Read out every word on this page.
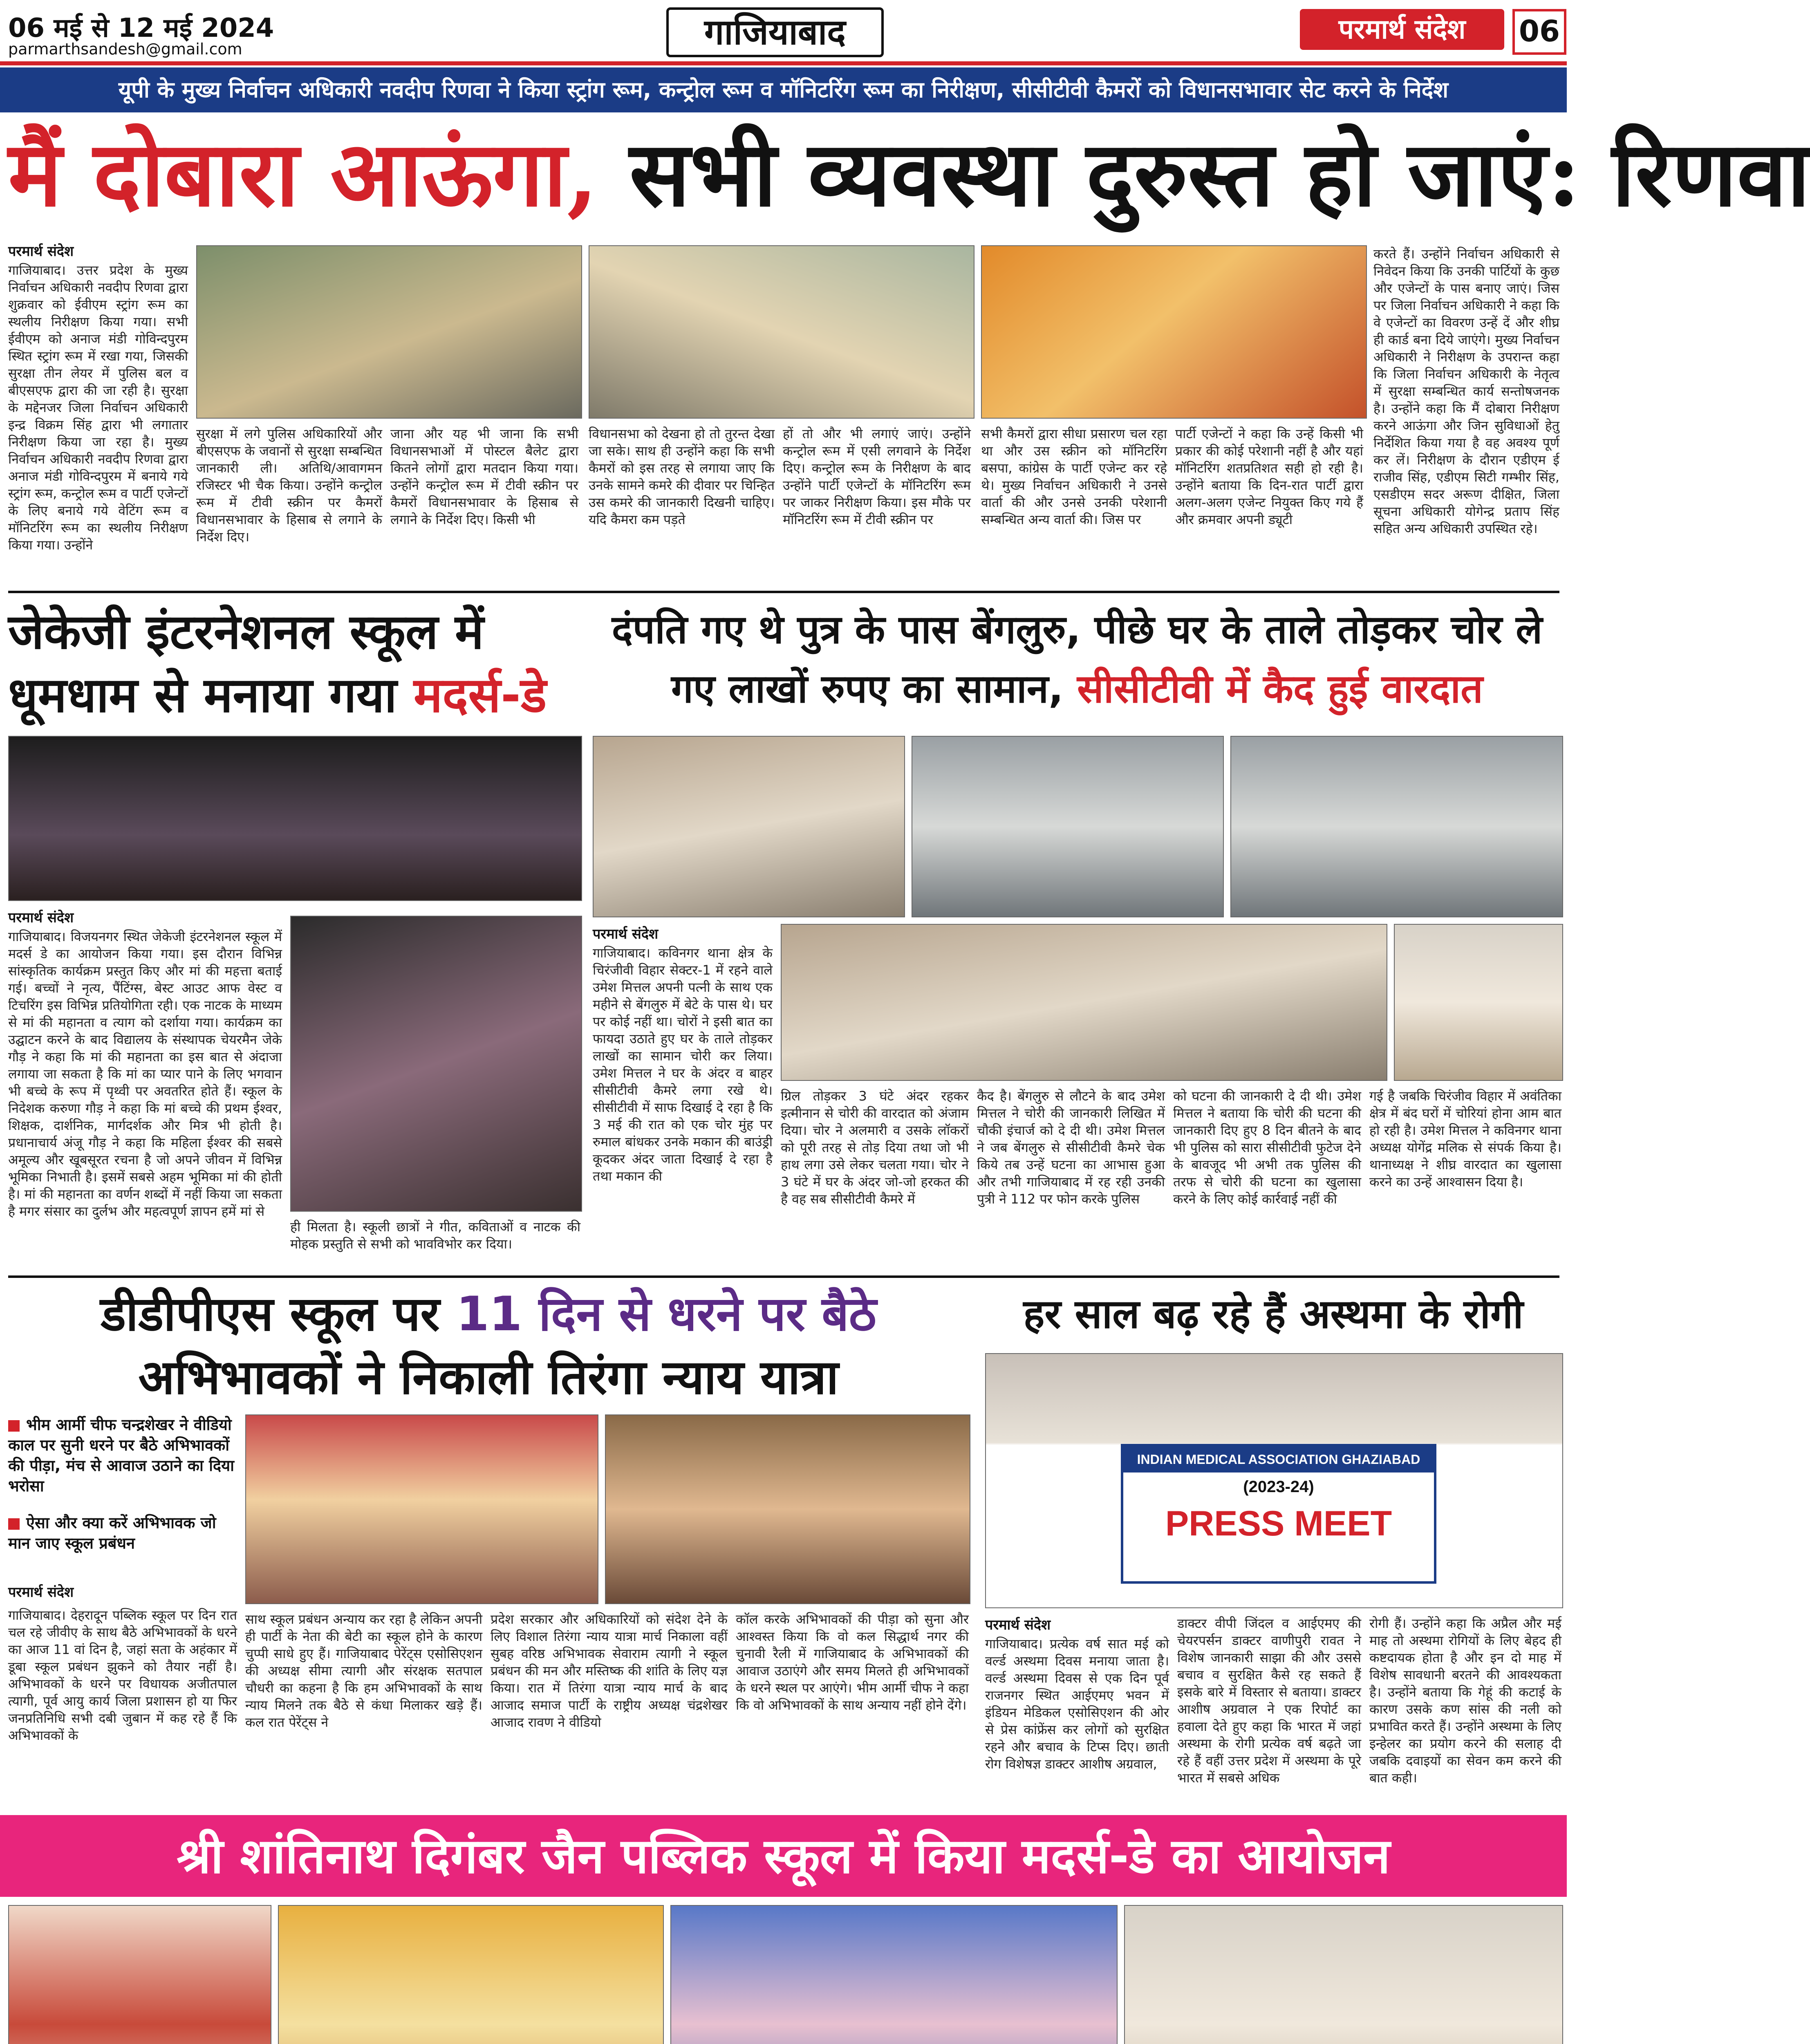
06 मई से 12 मई 2024
parmarthsandesh@gmail.com	गाजियाबाद	परमार्थ संदेश	06
यूपी के मुख्य निर्वाचन अधिकारी नवदीप रिणवा ने किया स्ट्रांग रूम, कन्ट्रोल रूम व मॉनिटरिंग रूम का निरीक्षण, सीसीटीवी कैमरों को विधानसभावार सेट करने के निर्देश
मैं दोबारा आऊंगा, सभी व्यवस्था दुरुस्त हो जाएं: रिणवा
परमार्थ संदेश
गाजियाबाद। उत्तर प्रदेश के मुख्य निर्वाचन अधिकारी नवदीप रिणवा द्वारा शुक्रवार को ईवीएम स्ट्रांग रूम का स्थलीय निरीक्षण किया गया। सभी ईवीएम को अनाज मंडी गोविन्दपुरम स्थित स्ट्रांग रूम में रखा गया, जिसकी सुरक्षा तीन लेयर में पुलिस बल व बीएसएफ द्वारा की जा रही है। सुरक्षा के मद्देनजर जिला निर्वाचन अधिकारी इन्द्र विक्रम सिंह द्वारा भी लगातार निरीक्षण किया जा रहा है। मुख्य निर्वाचन अधिकारी नवदीप रिणवा द्वारा अनाज मंडी गोविन्दपुरम में बनाये गये स्ट्रांग रूम, कन्ट्रोल रूम व पार्टी एजेन्टों के लिए बनाये गये वेटिंग रूम व मॉनिटरिंग रूम का स्थलीय निरीक्षण किया गया। उन्होंने
सुरक्षा में लगे पुलिस अधिकारियों और बीएसएफ के जवानों से सुरक्षा सम्बन्धित जानकारी ली। अतिथि/आवागमन रजिस्टर भी चैक किया। उन्होंने कन्ट्रोल रूम में टीवी स्क्रीन पर कैमरों विधानसभावार के हिसाब से लगाने के निर्देश दिए।
जाना और यह भी जाना कि सभी विधानसभाओं में पोस्टल बैलेट द्वारा कितने लोगों द्वारा मतदान किया गया। उन्होंने कन्ट्रोल रूम में टीवी स्क्रीन पर कैमरों विधानसभावार के हिसाब से लगाने के निर्देश दिए। किसी भी
विधानसभा को देखना हो तो तुरन्त देखा जा सके। साथ ही उन्होंने कहा कि सभी कैमरों को इस तरह से लगाया जाए कि उनके सामने कमरे की दीवार पर चिन्हित उस कमरे की जानकारी दिखनी चाहिए। यदि कैमरा कम पड़ते
हों तो और भी लगाएं जाएं। उन्होंने कन्ट्रोल रूम में एसी लगवाने के निर्देश दिए। कन्ट्रोल रूम के निरीक्षण के बाद उन्होंने पार्टी एजेन्टों के मॉनिटरिंग रूम पर जाकर निरीक्षण किया। इस मौके पर मॉनिटरिंग रूम में टीवी स्क्रीन पर
सभी कैमरों द्वारा सीधा प्रसारण चल रहा था और उस स्क्रीन को मॉनिटरिंग बसपा, कांग्रेस के पार्टी एजेन्ट कर रहे थे। मुख्य निर्वाचन अधिकारी ने उनसे वार्ता की और उनसे उनकी परेशानी सम्बन्धित अन्य वार्ता की। जिस पर
पार्टी एजेन्टों ने कहा कि उन्हें किसी भी प्रकार की कोई परेशानी नहीं है और यहां मॉनिटरिंग शतप्रतिशत सही हो रही है। उन्होंने बताया कि दिन-रात पार्टी द्वारा अलग-अलग एजेन्ट नियुक्त किए गये हैं और क्रमवार अपनी ड्यूटी
करते हैं। उन्होंने निर्वाचन अधिकारी से निवेदन किया कि उनकी पार्टियों के कुछ और एजेन्टों के पास बनाए जाएं। जिस पर जिला निर्वाचन अधिकारी ने कहा कि वे एजेन्टों का विवरण उन्हें दें और शीघ्र ही कार्ड बना दिये जाएंगे। मुख्य निर्वाचन अधिकारी ने निरीक्षण के उपरान्त कहा कि जिला निर्वाचन अधिकारी के नेतृत्व में सुरक्षा सम्बन्धित कार्य सन्तोषजनक है। उन्होंने कहा कि मैं दोबारा निरीक्षण करने आऊंगा और जिन सुविधाओं हेतु निर्देशित किया गया है वह अवश्य पूर्ण कर लें। निरीक्षण के दौरान एडीएम ई राजीव सिंह, एडीएम सिटी गम्भीर सिंह, एसडीएम सदर अरूण दीक्षित, जिला सूचना अधिकारी योगेन्द्र प्रताप सिंह सहित अन्य अधिकारी उपस्थित रहे।
जेकेजी इंटरनेशनल स्कूल में
धूमधाम से मनाया गया मदर्स-डे
परमार्थ संदेश
गाजियाबाद। विजयनगर स्थित जेकेजी इंटरनेशनल स्कूल में मदर्स डे का आयोजन किया गया। इस दौरान विभिन्न सांस्कृतिक कार्यक्रम प्रस्तुत किए और मां की महत्ता बताई गई। बच्चों ने नृत्य, पैंटिंग्स, बेस्ट आउट आफ वेस्ट व टिचरिंग इस विभिन्न प्रतियोगिता रही। एक नाटक के माध्यम से मां की महानता व त्याग को दर्शाया गया। कार्यक्रम का उद्घाटन करने के बाद विद्यालय के संस्थापक चेयरमैन जेके गौड़ ने कहा कि मां की महानता का इस बात से अंदाजा लगाया जा सकता है कि मां का प्यार पाने के लिए भगवान भी बच्चे के रूप में पृथ्वी पर अवतरित होते हैं। स्कूल के निदेशक करुणा गौड़ ने कहा कि मां बच्चे की प्रथम ईश्वर, शिक्षक, दार्शनिक, मार्गदर्शक और मित्र भी होती है। प्रधानाचार्य अंजू गौड़ ने कहा कि महिला ईश्वर की सबसे अमूल्य और खूबसूरत रचना है जो अपने जीवन में विभिन्न भूमिका निभाती है। इसमें सबसे अहम भूमिका मां की होती है। मां की महानता का वर्णन शब्दों में नहीं किया जा सकता है मगर संसार का दुर्लभ और महत्वपूर्ण ज्ञापन हमें मां से
ही मिलता है। स्कूली छात्रों ने गीत, कविताओं व नाटक की मोहक प्रस्तुति से सभी को भावविभोर कर दिया।
दंपति गए थे पुत्र के पास बेंगलुरु, पीछे घर के ताले तोड़कर चोर ले
गए लाखों रुपए का सामान, सीसीटीवी में कैद हुई वारदात
परमार्थ संदेश
गाजियाबाद। कविनगर थाना क्षेत्र के चिरंजीवी विहार सेक्टर-1 में रहने वाले उमेश मित्तल अपनी पत्नी के साथ एक महीने से बेंगलुरु में बेटे के पास थे। घर पर कोई नहीं था। चोरों ने इसी बात का फायदा उठाते हुए घर के ताले तोड़कर लाखों का सामान चोरी कर लिया। उमेश मित्तल ने घर के अंदर व बाहर सीसीटीवी कैमरे लगा रखे थे। सीसीटीवी में साफ दिखाई दे रहा है कि 3 मई की रात को एक चोर मुंह पर रुमाल बांधकर उनके मकान की बाउंड्री कूदकर अंदर जाता दिखाई दे रहा है तथा मकान की
ग्रिल तोड़कर 3 घंटे अंदर रहकर इत्मीनान से चोरी की वारदात को अंजाम दिया। चोर ने अलमारी व उसके लॉकरों को पूरी तरह से तोड़ दिया तथा जो भी हाथ लगा उसे लेकर चलता गया। चोर ने 3 घंटे में घर के अंदर जो-जो हरकत की है वह सब सीसीटीवी कैमरे में
कैद है। बेंगलुरु से लौटने के बाद उमेश मित्तल ने चोरी की जानकारी लिखित में चौकी इंचार्ज को दे दी थी। उमेश मित्तल ने जब बेंगलुरु से सीसीटीवी कैमरे चेक किये तब उन्हें घटना का आभास हुआ और तभी गाजियाबाद में रह रही उनकी पुत्री ने 112 पर फोन करके पुलिस
को घटना की जानकारी दे दी थी। उमेश मित्तल ने बताया कि चोरी की घटना की जानकारी दिए हुए 8 दिन बीतने के बाद भी पुलिस को सारा सीसीटीवी फुटेज देने के बावजूद भी अभी तक पुलिस की तरफ से चोरी की घटना का खुलासा करने के लिए कोई कार्रवाई नहीं की
गई है जबकि चिरंजीव विहार में अवंतिका क्षेत्र में बंद घरों में चोरियां होना आम बात हो रही है। उमेश मित्तल ने कविनगर थाना अध्यक्ष योगेंद्र मलिक से संपर्क किया है। थानाध्यक्ष ने शीघ्र वारदात का खुलासा करने का उन्हें आश्वासन दिया है।
डीडीपीएस स्कूल पर 11 दिन से धरने पर बैठे
अभिभावकों ने निकाली तिरंगा न्याय यात्रा
भीम आर्मी चीफ चन्द्रशेखर ने वीडियो काल पर सुनी धरने पर बैठे अभिभावकों की पीड़ा, मंच से आवाज उठाने का दिया भरोसा
ऐसा और क्या करें अभिभावक जो मान जाए स्कूल प्रबंधन
परमार्थ संदेश
गाजियाबाद। देहरादून पब्लिक स्कूल पर दिन रात चल रहे जीवीए के साथ बैठे अभिभावकों के धरने का आज 11 वां दिन है, जहां सता के अहंकार में डूबा स्कूल प्रबंधन झुकने को तैयार नहीं है। अभिभावकों के धरने पर विधायक अजीतपाल त्यागी, पूर्व आयु कार्य जिला प्रशासन हो या फिर जनप्रतिनिधि सभी दबी जुबान में कह रहे हैं कि अभिभावकों के
साथ स्कूल प्रबंधन अन्याय कर रहा है लेकिन अपनी ही पार्टी के नेता की बेटी का स्कूल होने के कारण चुप्पी साधे हुए हैं। गाजियाबाद पेरेंट्स एसोसिएशन की अध्यक्ष सीमा त्यागी और संरक्षक सतपाल चौधरी का कहना है कि हम अभिभावकों के साथ न्याय मिलने तक बैठे से कंधा मिलाकर खड़े हैं। कल रात पेरेंट्स ने
प्रदेश सरकार और अधिकारियों को संदेश देने के लिए विशाल तिरंगा न्याय यात्रा मार्च निकाला वहीं सुबह वरिष्ठ अभिभावक सेवाराम त्यागी ने स्कूल प्रबंधन की मन और मस्तिष्क की शांति के लिए यज्ञ किया। रात में तिरंगा यात्रा न्याय मार्च के बाद आजाद समाज पार्टी के राष्ट्रीय अध्यक्ष चंद्रशेखर आजाद रावण ने वीडियो
कॉल करके अभिभावकों की पीड़ा को सुना और आश्वस्त किया कि वो कल सिद्धार्थ नगर की चुनावी रैली में गाजियाबाद के अभिभावकों की आवाज उठाएंगे और समय मिलते ही अभिभावकों के धरने स्थल पर आएंगे। भीम आर्मी चीफ ने कहा कि वो अभिभावकों के साथ अन्याय नहीं होने देंगे।
हर साल बढ़ रहे हैं अस्थमा के रोगी
INDIAN MEDICAL ASSOCIATION GHAZIABAD
(2023-24)
PRESS MEET
परमार्थ संदेश
गाजियाबाद। प्रत्येक वर्ष सात मई को वर्ल्ड अस्थमा दिवस मनाया जाता है। वर्ल्ड अस्थमा दिवस से एक दिन पूर्व राजनगर स्थित आईएमए भवन में इंडियन मेडिकल एसोसिएशन की ओर से प्रेस कांफ्रेंस कर लोगों को सुरक्षित रहने और बचाव के टिप्स दिए। छाती रोग विशेषज्ञ डाक्टर आशीष अग्रवाल,
डाक्टर वीपी जिंदल व आईएमए की चेयरपर्सन डाक्टर वाणीपुरी रावत ने विशेष जानकारी साझा की और उससे बचाव व सुरक्षित कैसे रह सकते हैं इसके बारे में विस्तार से बताया। डाक्टर आशीष अग्रवाल ने एक रिपोर्ट का हवाला देते हुए कहा कि भारत में जहां अस्थमा के रोगी प्रत्येक वर्ष बढ़ते जा रहे हैं वहीं उत्तर प्रदेश में अस्थमा के पूरे भारत में सबसे अधिक
रोगी हैं। उन्होंने कहा कि अप्रैल और मई माह तो अस्थमा रोगियों के लिए बेहद ही कष्टदायक होता है और इन दो माह में विशेष सावधानी बरतने की आवश्यकता है। उन्होंने बताया कि गेहूं की कटाई के कारण उसके कण सांस की नली को प्रभावित करते हैं। उन्होंने अस्थमा के लिए इन्हेलर का प्रयोग करने की सलाह दी जबकि दवाइयों का सेवन कम करने की बात कही।
श्री शांतिनाथ दिगंबर जैन पब्लिक स्कूल में किया मदर्स-डे का आयोजन
